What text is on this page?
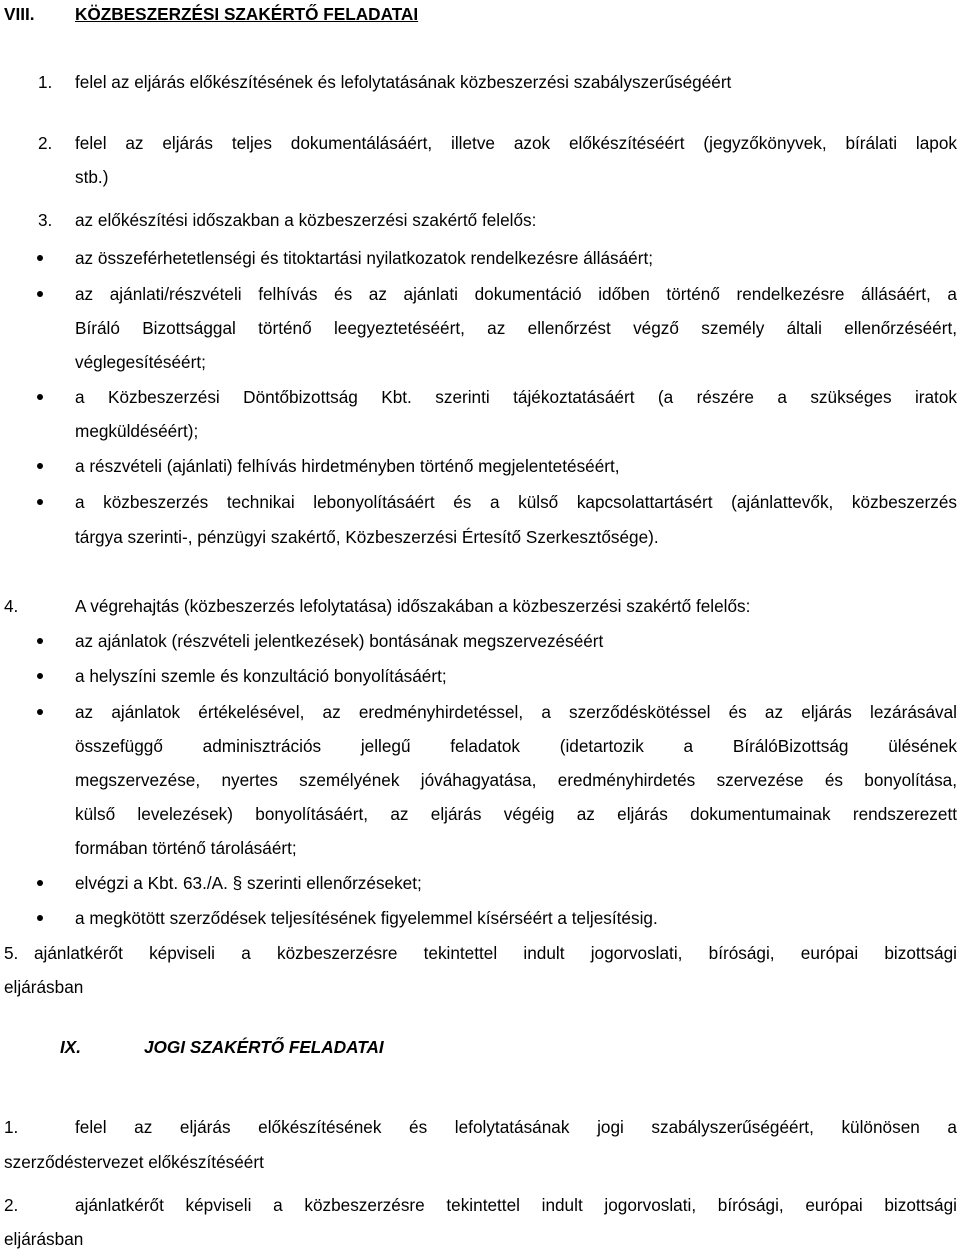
VIII. KÖZBESZERZÉSI SZAKÉRTŐ FELADATAI
1. felel az eljárás előkészítésének és lefolytatásának közbeszerzési szabályszerűségéért
2. felel az eljárás teljes dokumentálásáért, illetve azok előkészítéséért (jegyzőkönyvek, bírálati lapok
stb.)
3. az előkészítési időszakban a közbeszerzési szakértő felelős:
az összeférhetetlenségi és titoktartási nyilatkozatok rendelkezésre állásáért;
az ajánlati/részvételi felhívás és az ajánlati dokumentáció időben történő rendelkezésre állásáért, a
Bíráló Bizottsággal történő leegyeztetéséért, az ellenőrzést végző személy általi ellenőrzéséért,
véglegesítéséért;
a Közbeszerzési Döntőbizottság Kbt. szerinti tájékoztatásáért (a részére a szükséges iratok
megküldéséért);
a részvételi (ajánlati) felhívás hirdetményben történő megjelentetéséért,
a közbeszerzés technikai lebonyolításáért és a külső kapcsolattartásért (ajánlattevők, közbeszerzés
tárgya szerinti-, pénzügyi szakértő, Közbeszerzési Értesítő Szerkesztősége).
4.	A végrehajtás (közbeszerzés lefolytatása) időszakában a közbeszerzési szakértő felelős:
az ajánlatok (részvételi jelentkezések) bontásának megszervezéséért
a helyszíni szemle és konzultáció bonyolításáért;
az ajánlatok értékelésével, az eredményhirdetéssel, a szerződéskötéssel és az eljárás lezárásával
összefüggő adminisztrációs jellegű feladatok (idetartozik a BírálóBizottság ülésének
megszervezése, nyertes személyének jóváhagyatása, eredményhirdetés szervezése és bonyolítása,
külső levelezések) bonyolításáért, az eljárás végéig az eljárás dokumentumainak rendszerezett
formában történő tárolásáért;
elvégzi a Kbt. 63./A. § szerinti ellenőrzéseket;
a megkötött szerződések teljesítésének figyelemmel kísérséért a teljesítésig.
5. ajánlatkérőt képviseli a közbeszerzésre tekintettel indult jogorvoslati, bírósági, európai bizottsági
eljárásban
IX.	JOGI SZAKÉRTŐ FELADATAI
1.	felel az eljárás előkészítésének és lefolytatásának jogi szabályszerűségéért, különösen a
szerződéstervezet előkészítéséért
2.	ajánlatkérőt képviseli a közbeszerzésre tekintettel indult jogorvoslati, bírósági, európai bizottsági
eljárásban
